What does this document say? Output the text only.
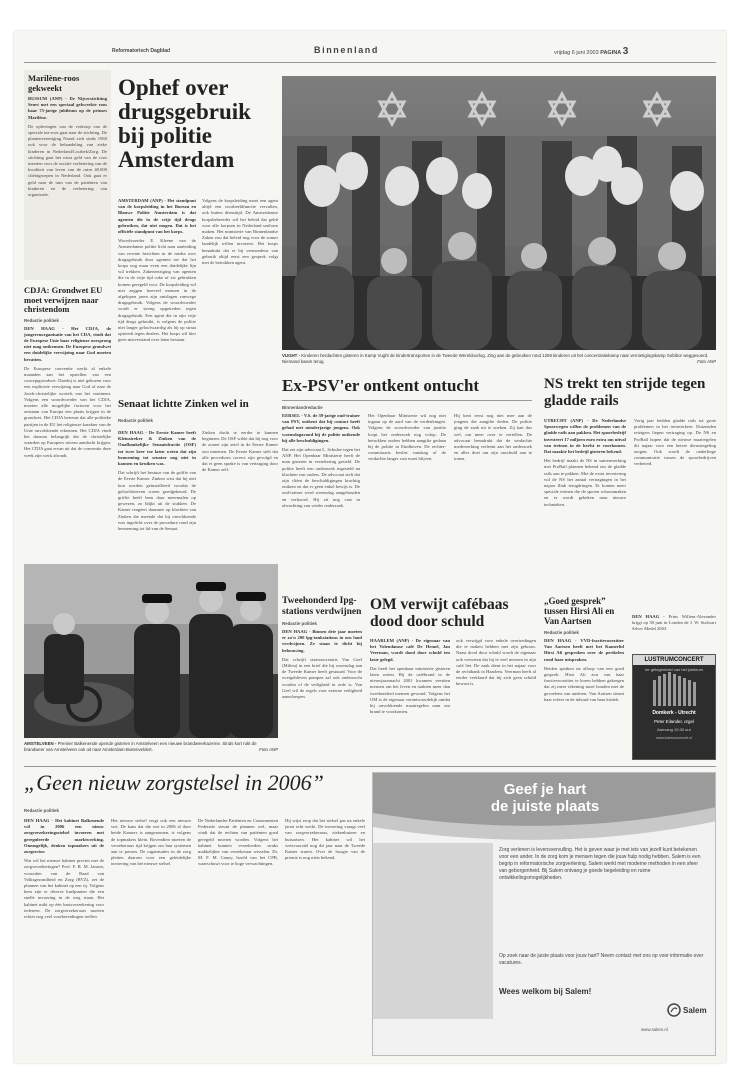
Reformatorisch Dagblad	Binnenland	vrijdag 6 juni 2003 PAGINA 3
Marilène-roos gekweekt
BUSSUM (ANP) - De Nijverstichting Seurt met een speciaal gekweekte roos haar 75-jarige jubileum op de prinses Marilène.
De oplevingen van de verkoop van de speciale tea-roos gaat naar de stichting. De plantenvereniging Naard zich sinds 1960 ook voor de behandeling van zieke kinderen in Nederland/Lwabek/Zorg. De stichting gaat het extra geld van de roos inzetten voor de sociale verbetering van de kwaliteit van leven van de ruim 40.000 cliëntgroepen in Nederland. Ook gaat er geld naar de tuin van de patiënten van kinderen en de verbetering van organisatie.
CDJA: Grondwet EU moet verwijzen naar christendom
Redactie politiek
DEN HAAG - Het CDJA, de jongerenorganisatie van het CDA, vindt dat de Europese Unie haar religieuze oorsprong niet mag ontkennen. De Europese grondwet een duidelijke verwijzing naar God moeten bevatten.
De Europese conventie werkt al enkele maanden aan het opstellen van een conceptgrondwet. Daarbij is niet gekozen voor een expliciete verwijzing naar God of naar de Joods-christelijke wortels van het continent. Volgens een woordvoerder van het CDJA, moeten alle mogelijke factoren voor het ontstaan van Europa een plaats krijgen in de grondwet. Het CDJA betreurt dat alle politieke partijen in de EU het religieuze karakter van de Unie onvoldoende erkennen. Het CDJA vindt het daarom belangrijk dat de christelijke waarden op Europees niveau aandacht krijgen. Het CDJA gaat ervan uit dat de conventie deze week zijn werk afrondt.
Ophef over drugsgebruik bij politie Amsterdam
AMSTERDAM (ANP) - Het standpunt van de korpsleiding in het Bureau en Blauwe Politie Amsterdam is dat agenten die in de vrije tijd drugs gebruiken, dat niet mogen. Dat is het officiële standpunt van het korps.
Woordvoerder E. Kleene van de Amsterdamse politie licht naar aanleiding van recente berichten in de media over drugsgebruik door agenten toe dat het korps nog maar even een duidelijke lijn wil trekken. Zakenreiziging van agenten die in de vrije tijd coke of xtc gebruiken komen geregeld voor. De korpsleiding wil niet zeggen hoeveel mensen in de afgelopen jaren zijn ontslagen vanwege drugsgebruik. Volgens de woordvoerder wordt er streng opgetreden tegen drugsgebruik. Een agent die in zijn vrije tijd drugs gebruikt, is volgens de politie niet langer geloofwaardig als hij op straat optreedt tegen dealers. Het korps wil hier geen misverstand over laten bestaan.
Volgens de korpsleiding moet een agent altijd een voorbeeldfunctie vervullen, ook buiten diensttijd. De Amsterdamse korpsbeheerder wil het beleid dat geldt voor alle korpsen in Nederland uniform maken. Het ministerie van Binnenlandse Zaken zou dat beleid nog voor de zomer landelijk willen invoeren. Het korps benadrukt dat er bij vermoedens van gebruik altijd eerst een gesprek volgt met de betrokken agent.
VUGHT - Kinderen herdachten gisteren in Kamp Vught de kindertransporten in de Tweede Wereldoorlog. Zing aan de gebruiken rond 1269 kinderen uit het concentratiekamp naar vernietigingskamp Sobibor weggevoerd. Niemand kwam terug.	Foto ANP
Senaat lichtte Zinken wel in
Redactie politiek
DEN HAAG - De Eerste Kamer heeft Kleinstreker & Zinken van de Onafhankelijke Senaatsfractie (OSF) tot twee keer toe laten weten dat zijn benoeming tot senator nog niet in kannen en kruiken was.
Dat schrijft het bestuur van de griffie van de Eerste Kamer. Zinken wist dat hij niet kon worden geïnstalleerd voordat de geloofsbrieven waren goedgekeurd. De griffie heeft hem daar meermalen op gewezen, zo blijkt uit de stukken. De Kamer reageert daarmee op klachten van Zinken die meende dat hij onvoldoende was ingelicht over de procedure rond zijn benoeming tot lid van de Senaat.
Zinken dacht te eerder te kunnen beginnen. De OSF wilde dat hij nog voor de zomer zijn zetel in de Eerste Kamer zou innemen. De Eerste Kamer stelt dat alle procedures correct zijn gevolgd en dat er geen sprake is van vertraging door de Kamer zelf.
Ex-PSV'er ontkent ontucht
Binnenlandredactie
EERSEL - V.S. de 39-jarige oud-trainer van PSV, ontkent dat hij contact heeft gehad met minderjarige jongens. Ook woensdagavond bij de politie ontkende hij alle beschuldigingen.
Dat zei zijn advocaat L. Schulze tegen het ANP. Het Openbaar Ministerie heeft de man gisteren in verzekering gesteld. De politie heeft een onderzoek ingesteld na klachten van ouders. De advocaat stelt dat zijn cliënt de beschuldigingen krachtig ontkent en dat er geen enkel bewijs is. De oud-trainer werd woensdag aangehouden en verhoord. Hij zit nog vast in afwachting van verder onderzoek.
Het Openbaar Ministerie wil nog niet ingaan op de aard van de verdenkingen. Volgens de woordvoerder van justitie loopt het onderzoek nog volop. De betrokken ouders hebben aangifte gedaan bij de politie in Eindhoven. De rechter-commissaris beslist vandaag of de verdachte langer vast moet blijven.
Hij kent eerst nog niet mee aan de jongens die aangifte deden. De politie ging de zaak uit te zoeken. Zij kan dus wel, om meer over te vertellen. De advocaat benadrukt dat de verdachte medewerking verleent aan het onderzoek en alles doet om zijn onschuld aan te tonen.
NS trekt ten strijde tegen gladde rails
UTRECHT (ANP) - De Nederlandse Spoorwegen willen de problemen van de gladde rails aan pakken. Het spoorbedrijf investeert 17 miljoen euro extra om uitval van treinen in de herfst te voorkomen. Dat maakte het bedrijf gisteren bekend.
Het bedrijf maakt de NS in samenwerking met ProRail plannen bekend om de gladde rails aan te pakken. Met de extra investering wil de NS het aantal vertragingen in het najaar flink terugdringen. Er komen meer speciale treinen die de sporen schoonmaken en er wordt gekeken naar nieuwe technieken.
Vorig jaar leidden gladde rails tot grote problemen in het treinverkeer. Duizenden reizigers liepen vertraging op. De NS en ProRail hopen dat de nieuwe maatregelen dit najaar voor een betere dienstregeling zorgen. Ook wordt de onderlinge communicatie tussen de spoorbedrijven verbeterd.
AMSTELVEEN - Premier Balkenende opende gisteren in Amstelveen een nieuwe brandweerkazerne. Sinds kort rukt de brandweer van Amstelveen ook uit naar Amsterdam-Buitenveldert.	Foto ANP
Tweehonderd Ipg-stations verdwijnen
Redactie politiek
DEN HAAG - Binnen drie jaar moeten er zo'n 200 lpg-tankstations in ons land verdwijnen. Ze staan te dicht bij bebouwing.
Dat schrijft staatssecretaris Van Geel (Milieu) in een brief die hij woensdag aan de Tweede Kamer heeft gestuurd. Voor de overgebleven pompen zal ook onderzocht worden of de veiligheid in orde is. Van Geel wil de regels voor externe veiligheid aanscherpen.
OM verwijt cafébaas dood door schuld
HAARLEM (ANP) - De eigenaar van het Volendamse café De Hemel, Jan Veerman, wordt dood door schuld ten laste gelegd.
Dat heeft het openbaar ministerie gisteren laten weten. Bij de cafébrand in de nieuwjaarsnacht 2001 kwamen veertien mensen om het leven en raakten meer dan tweehonderd mensen gewond. Volgens het OM is de eigenaar verantwoordelijk omdat hij onvoldoende maatregelen nam om brand te voorkomen.
ook verwijgd voor enkele overtredingen die te maken hebben met zijn gebouw. Naast dood door schuld wordt de eigenaar ook verweten dat hij te veel mensen in zijn café liet. De zaak dient in het najaar voor de rechtbank in Haarlem. Veerman heeft al eerder verklaard dat hij zich geen schuld bewust is.
„Goed gesprek” tussen Hirsi Ali en Van Aartsen
Redactie politiek
DEN HAAG - VVD-fractievoorzitter Van Aartsen heeft met het Kamerlid Hirsi Ali gesproken over de perikelen rond haar uitspraken.
Beiden spraken na afloop van een goed gesprek. Hirsi Ali zou van haar fractievoorzitter te horen hebben gekregen dat zij meer rekening moet houden met de gevoelens van anderen. Van Aartsen steunt haar echter in de inhoud van haar kritiek.
DEN HAAG - Prins Willem-Alexander krijgt op 30 juni in Londen de J. W. Stalwart Silver Medal 2003.
LUSTRUMCONCERT
ter gelegenheid van het jubileum
Domkerk - Utrecht
Peter Eilander, orgel
Aanvang 19.30 uur
www.lustrumconcert.nl
„Geen nieuw zorgstelsel in 2006”
Redactie politiek
DEN HAAG - Het kabinet Balkenende wil in 2006 een nieuw zorgverzekeringsstelsel invoeren met gereguleerde marktwerking. Onmogelijk, denken topmakers uit de zorgsector.
Wat wil het nieuwe kabinet precies met de zorgverzekeringen? Prof. F. R. M. Jansen, voorzitter van de Raad van Volksgezondheid en Zorg (RVZ), zet de plannen van het kabinet op een rij. Volgens hem zijn er diverse knelpunten die een snelle invoering in de weg staan. Het kabinet mikt op één basisverzekering voor iedereen. De zorgverzekeraars moeten echter nog veel voorbereidingen treffen.
Het nieuwe stelsel vergt ook een nieuwe wet. De kans dat die wet in 2006 al door beide Kamers is aangenomen, is volgens de topmakers klein. Bovendien moeten de verzekeraars tijd krijgen om hun systemen aan te passen. De organisaties in de zorg pleiten daarom voor een geleidelijke invoering van het nieuwe stelsel.
De Nederlandse Patiënten en Consumenten Federatie steunt de plannen wel, maar vindt dat de rechten van patiënten goed geregeld moeten worden. Volgens het kabinet kunnen verzekerden straks makkelijker van verzekeraar wisselen. Dr. M. F. M. Canoy, hoofd van het CPB, waarschuwt voor te hoge verwachtingen.
Hij wijst erop dat het stelsel pas na enkele jaren echt werkt. De invoering vraagt veel van zorgverzekeraars, ziekenhuizen en huisartsen. Het kabinet wil het wetsvoorstel nog dit jaar naar de Tweede Kamer sturen. Over de hoogte van de premie is nog niets bekend.
Geef je hart
de juiste plaats
Zorg verlenen is levensvervulling. Het is geven waar je met iets van jezelf kunt betekenen voor een ander. In de zorg kom je mensen tegen die jouw hulp nodig hebben. Salem is een begrip in reformatorische zorgverlening. Salem werkt met moderne methoden in een sfeer van geborgenheid. Bij Salem ontvang je goede begeleiding en ruime ontwikkelingsmogelijkheden.
Op zoek naar de juiste plaats voor jouw hart? Neem contact met ons op voor informatie over vacatures.
Wees welkom bij Salem!
www.salem.nl
Salem
